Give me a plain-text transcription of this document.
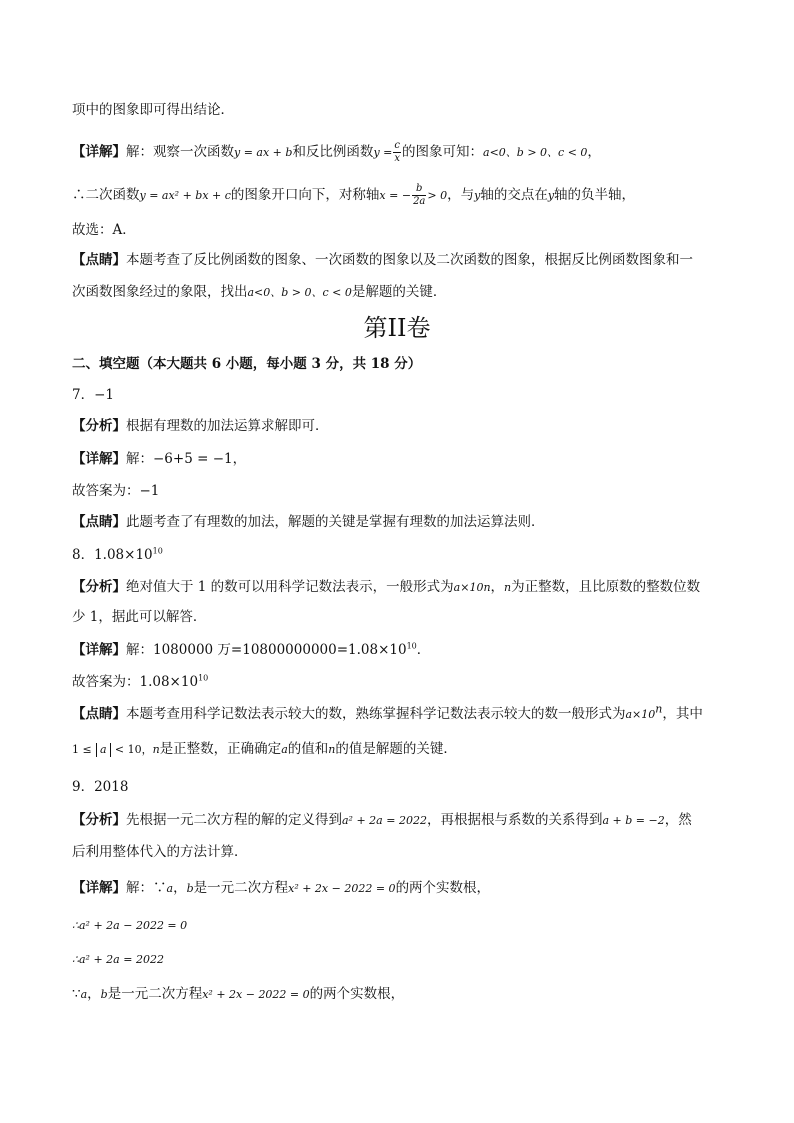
项中的图象即可得出结论．
【详解】解：观察一次函数y = ax + b和反比例函数$y = \frac{c}{x}$ 的图象可知：a<0、b > 0、c < 0，
∴二次函数y = ax² + bx + c的图象开口向下，对称轴x = − $\frac{b}{2a} > 0$，与y轴的交点在y轴的负半轴，
故选：A．
【点睛】本题考查了反比例函数的图象、一次函数的图象以及二次函数的图象，根据反比例函数图象和一
次函数图象经过的象限，找出a<0、b > 0、c < 0是解题的关键．
第II卷
二、填空题（本大题共 6 小题，每小题 3 分，共 18 分）
7．−1
【分析】根据有理数的加法运算求解即可．
【详解】解：−6+5 = −1，
故答案为：−1
【点睛】此题考查了有理数的加法，解题的关键是掌握有理数的加法运算法则．
8．$1.08\times 10^{10}$
【分析】绝对值大于 1 的数可以用科学记数法表示，一般形式为a×10n，n为正整数，且比原数的整数位数
少 1，据此可以解答．
【详解】解：1080000 万$=10800000000=1.08\times 10^{10}$．
故答案为：$1.08\times 10^{10}$
【点睛】本题考查用科学记数法表示较大的数，熟练掌握科学记数法表示较大的数一般形式为$a\times 10^n$，其中
1 ≤ a < 10，n是正整数，正确确定a的值和n的值是解题的关键．
9．2018
【分析】先根据一元二次方程的解的定义得到a² + 2a = 2022，再根据根与系数的关系得到a + b = −2，然
后利用整体代入的方法计算．
【详解】解：∵a，b是一元二次方程x² + 2x − 2022 = 0的两个实数根，
∴a² + 2a − 2022 = 0
∴a² + 2a = 2022
∵a，b是一元二次方程x² + 2x − 2022 = 0的两个实数根，
